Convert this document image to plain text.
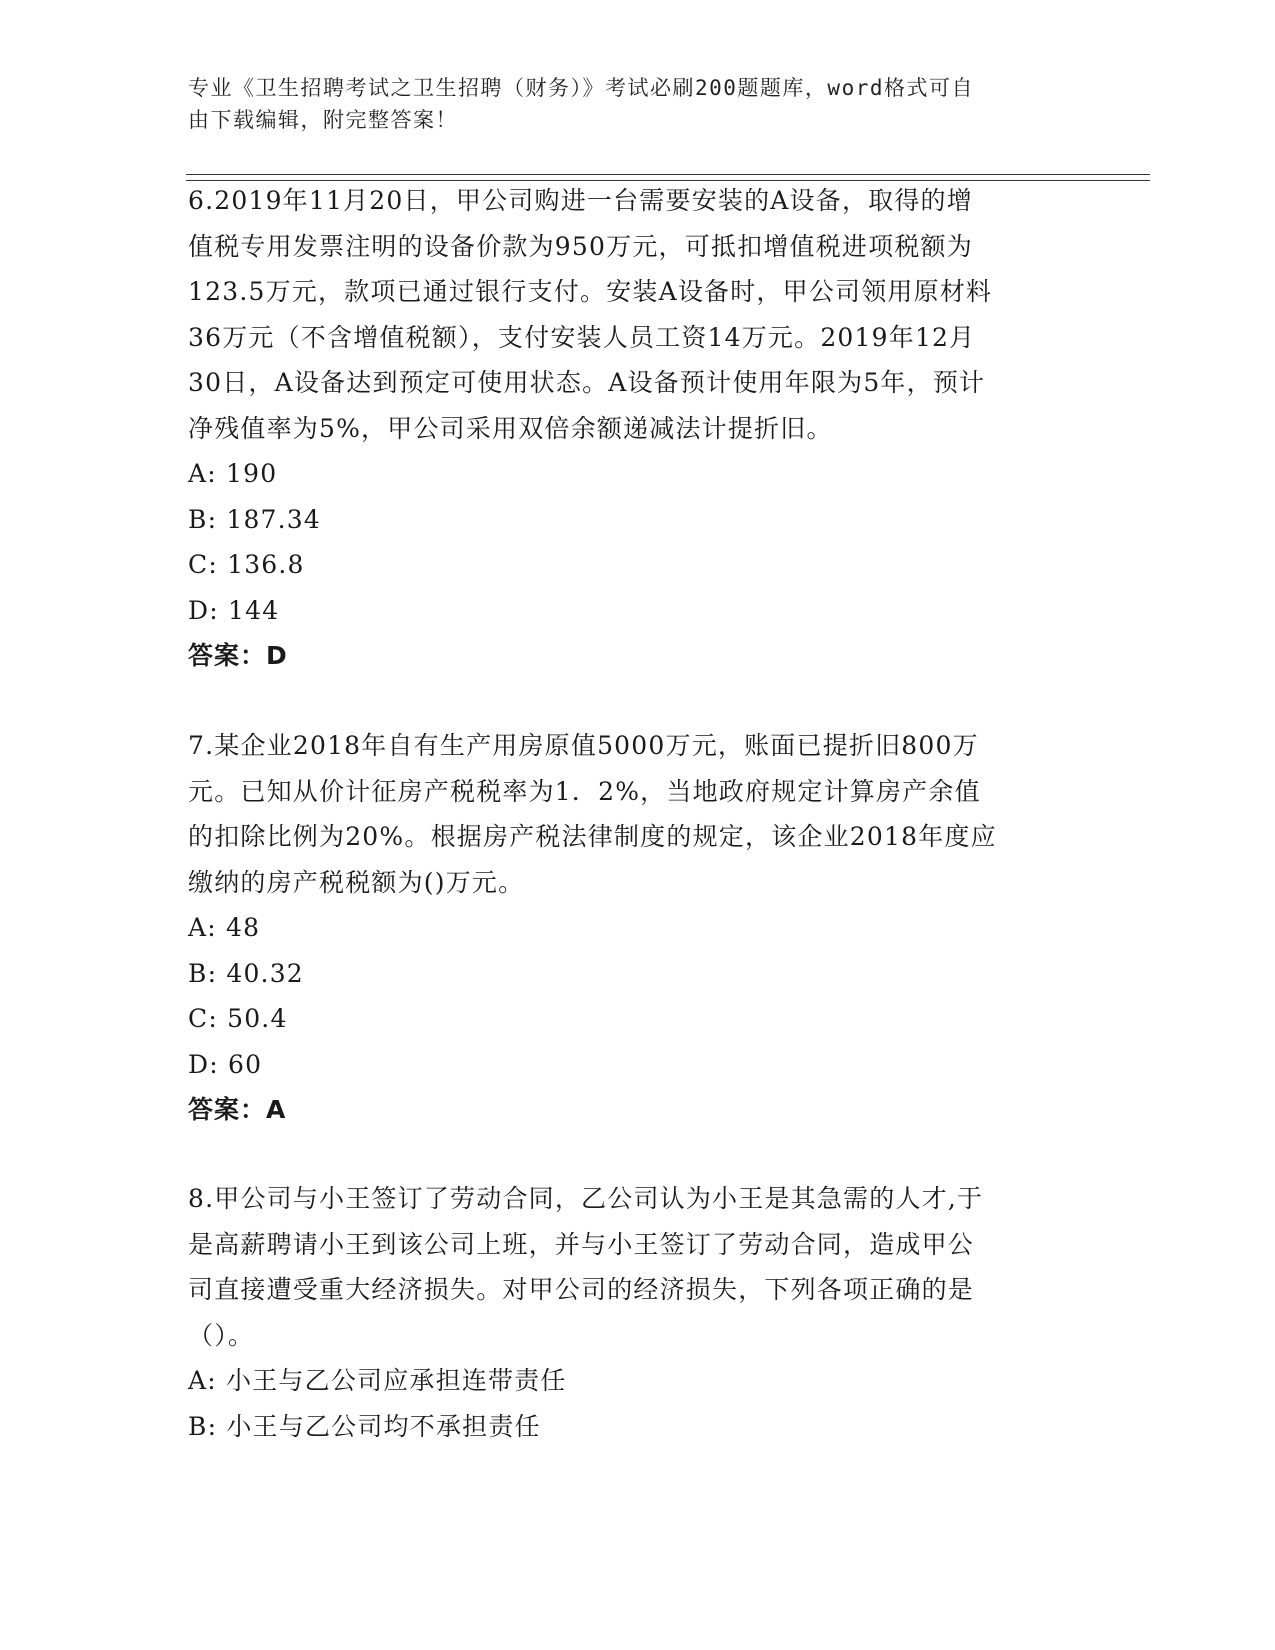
专业《卫生招聘考试之卫生招聘（财务）》考试必刷200题题库，word格式可自
由下载编辑，附完整答案！

6.2019年11月20日，甲公司购进一台需要安装的A设备，取得的增

值税专用发票注明的设备价款为950万元，可抵扣增值税进项税额为

123.5万元，款项已通过银行支付。安装A设备时，甲公司领用原材料

36万元（不含增值税额），支付安装人员工资14万元。2019年12月

30日，A设备达到预定可使用状态。A设备预计使用年限为5年，预计

净残值率为5%，甲公司采用双倍余额递减法计提折旧。

A: 190

B: 187.34

C: 136.8

D: 144

答案：D

7.某企业2018年自有生产用房原值5000万元，账面已提折旧800万

元。已知从价计征房产税税率为1．2%，当地政府规定计算房产余值

的扣除比例为20%。根据房产税法律制度的规定，该企业2018年度应

缴纳的房产税税额为()万元。

A: 48

B: 40.32

C: 50.4

D: 60

答案：A

8.甲公司与小王签订了劳动合同，乙公司认为小王是其急需的人才,于

是高薪聘请小王到该公司上班，并与小王签订了劳动合同，造成甲公

司直接遭受重大经济损失。对甲公司的经济损失，下列各项正确的是

（）。

A: 小王与乙公司应承担连带责任

B: 小王与乙公司均不承担责任
